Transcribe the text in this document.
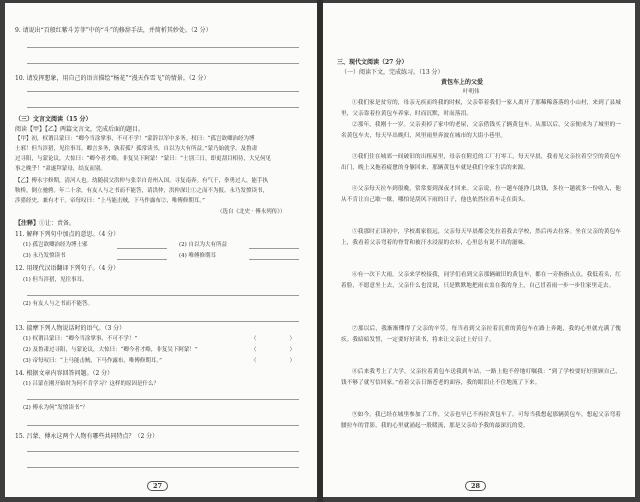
9. 请说出“百般红紫斗芳菲”中的“斗”的修辞手法，并简析其妙处。（2 分）
10. 请发挥想象，用自己的语言描绘“杨花”“漫天作雪飞”的情景。（2 分）
（三）文言文阅读（15 分）
阅读【甲】【乙】两篇文言文，完成后面的题目。
【甲】初，权谓吕蒙曰：“卿今当涂掌事，不可不学！”蒙辞以军中多务。权曰：“孤岂欲卿治经为博
士邪！但当涉猎，见往事耳。卿言多务，孰若孤？孤常读书，自以为大有所益。”蒙乃始就学。及鲁肃
过寻阳，与蒙论议，大惊曰：“卿今者才略，非复吴下阿蒙！”蒙曰：“士别三日，即更刮目相待，大兄何见
事之晚乎！”肃遂拜蒙母，结友而别。
【乙】傅永字修期，清河人也。幼随叔父洪仲与张幸自青州入国。寻复南奔。有气干，拳勇过人，能手执
鞍桥，倒立驰骋。年二十余，有友人与之书而不能答，请洪仲，洪仲深让①之而不为报。永乃发愤读书，
涉猎经史，兼有才干。帝每叹曰：“上马能击贼，下马作露布②，唯傅修期耳。”
（选自《北史 · 傅永列传》）
【注释】①让：责备。
11. 解释下列句中加点的意思。（4 分）
(1) 孤岂欲卿治经为博士邪	(2) 自以为大有所益
(3) 永乃发愤读书	(4) 唯傅修期耳
12. 用现代汉语翻译下列句子。（4 分）
(1) 但当涉猎，见往事耳。
(2) 有友人与之书而不能答。
13. 揣摩下列人物说话时的语气。（3 分）
(1) 权谓吕蒙曰：“卿今当涂掌事，不可不学！”	（　　　　　　）
(2) 及鲁肃过寻阳，与蒙论议，大惊曰：“卿今者才略，非复吴下阿蒙！”	（　　　　　　）
(3) 帝每叹曰：“上马能击贼，下马作露布，唯傅修期耳。”	（　　　　　　）
14. 根据文章内容回答问题。（2 分）
(1) 吕蒙在刚开始时为何不肯学习？这样的原因是什么？
(2) 傅永为何“发愤读书”？
15. 吕蒙、傅永这两个人物有哪些共同特点？（2 分）
27
三、现代文阅读（27 分）
（一）阅读下文，完成练习。（13 分）
黄包车上的父爱
叶明伟
①我们家是贫穷的，母亲无疾而终我的时候，父亲带着我们一家人离开了那稀稀落落的小山村，来到了县城里，父亲靠着拉黄包车养家，时而沉默，时而落泪。
②那年，我刚十一岁。父亲卖掉了家中的老屋，父亲借钱买了辆黄包车。从那以后，父亲便成为了城里的一名黄包车夫，每天早出晚归，风里雨里奔波在城市的大街小巷里。
③我们住在城郊一间破旧的出租屋里，母亲在附近的工厂打零工，每天早晨，我看见父亲拉着空空的黄包车出门，晚上又拖着疲惫的身躯回来，那辆黄包车就是我们全家生活的来源。
④父亲每天拉车到很晚，常常要到深夜才回来。父亲说，拉一趟车能挣几块钱，多拉一趟就多一份收入，他从不肯让自己歇一歇，哪怕是刮风下雨的日子，他也依然拉着车走在街头。
⑤我那时正读初中，学校离家很远，父亲每天早晨都会先拉着我去学校，然后再去拉客。坐在父亲的黄包车上，我看着父亲弯着的脊背和被汗水浸湿的衣衫，心里总有说不出的滋味。
⑥有一次下大雨，父亲来学校接我，同学们看到父亲那辆破旧的黄包车，都在一旁指指点点，我低着头，红着脸，不愿意坐上去，父亲什么也没说，只是默默地把雨衣盖在我的身上，自己冒着雨一步一步往家里走去。
⑦那以后，我渐渐懂得了父亲的辛劳。每当看到父亲拉着沉重的黄包车在路上奔跑，我的心里就充满了愧疚。我暗暗发誓，一定要好好读书，将来让父亲过上好日子。
⑧后来我考上了大学，父亲拉着黄包车送我到车站，一路上他不停地叮嘱我：“到了学校要好好照顾自己，钱不够了就写信回家。”看着父亲日渐苍老的面容，我的眼泪止不住地流了下来。
⑨如今，我已经在城里参加了工作，父亲也早已不再拉黄包车了。可每当我想起那辆黄包车，想起父亲弯着腰拉车的背影，我的心里就涌起一股暖流，那是父亲给予我的最深沉的爱。
28
